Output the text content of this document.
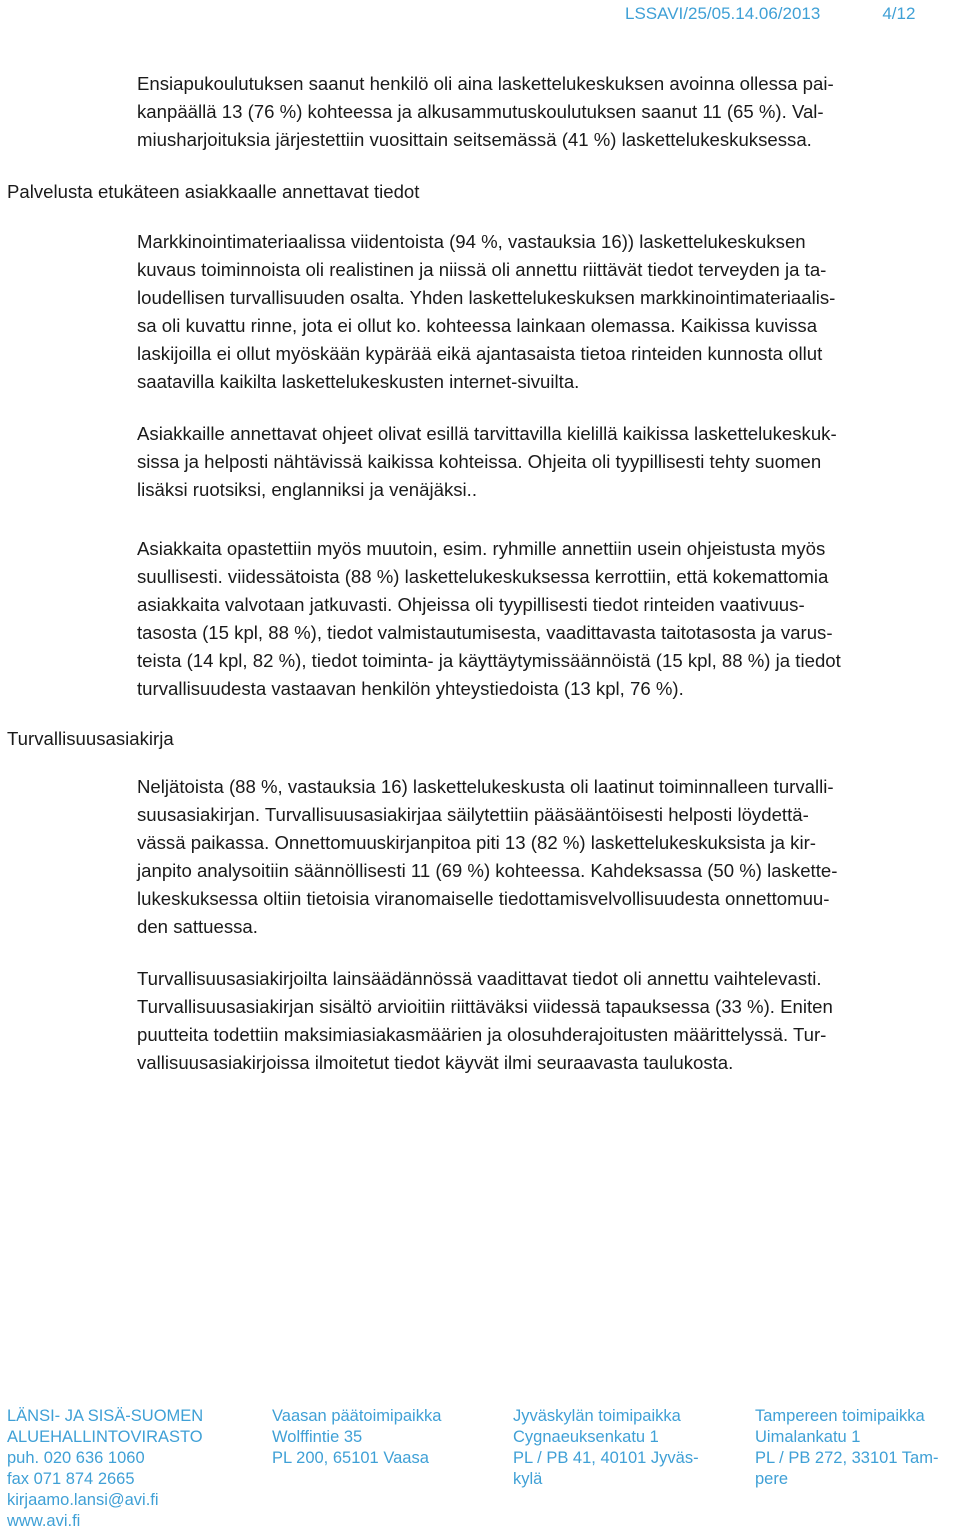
LSSAVI/25/05.14.06/2013	4/12
Ensiapukoulutuksen saanut henkilö oli aina laskettelukeskuksen avoinna ollessa pai-
kanpäällä 13 (76 %) kohteessa ja alkusammutuskoulutuksen saanut 11 (65 %). Val-
miusharjoituksia järjestettiin vuosittain seitsemässä (41 %) laskettelukeskuksessa.
Palvelusta etukäteen asiakkaalle annettavat tiedot
Markkinointimateriaalissa viidentoista (94 %, vastauksia 16)) laskettelukeskuksen
kuvaus toiminnoista oli realistinen ja niissä oli annettu riittävät tiedot terveyden ja ta-
loudellisen turvallisuuden osalta. Yhden laskettelukeskuksen markkinointimateriaalis-
sa oli kuvattu rinne, jota ei ollut ko. kohteessa lainkaan olemassa. Kaikissa kuvissa
laskijoilla ei ollut myöskään kypärää eikä ajantasaista tietoa rinteiden kunnosta ollut
saatavilla kaikilta laskettelukeskusten internet-sivuilta.
Asiakkaille annettavat ohjeet olivat esillä tarvittavilla kielillä kaikissa laskettelukeskuk-
sissa ja helposti nähtävissä kaikissa kohteissa. Ohjeita oli tyypillisesti tehty suomen
lisäksi ruotsiksi, englanniksi ja venäjäksi..
Asiakkaita opastettiin myös muutoin, esim. ryhmille annettiin usein ohjeistusta myös
suullisesti. viidessätoista (88 %) laskettelukeskuksessa kerrottiin, että kokemattomia
asiakkaita valvotaan jatkuvasti. Ohjeissa oli tyypillisesti tiedot rinteiden vaativuus-
tasosta (15 kpl, 88 %), tiedot valmistautumisesta, vaadittavasta taitotasosta ja varus-
teista (14 kpl, 82 %), tiedot toiminta- ja käyttäytymissäännöistä (15 kpl, 88 %) ja tiedot
turvallisuudesta vastaavan henkilön yhteystiedoista (13 kpl, 76 %).
Turvallisuusasiakirja
Neljätoista (88 %, vastauksia 16) laskettelukeskusta oli laatinut toiminnalleen turvalli-
suusasiakirjan. Turvallisuusasiakirjaa säilytettiin pääsääntöisesti helposti löydettä-
vässä paikassa. Onnettomuuskirjanpitoa piti 13 (82 %) laskettelukeskuksista ja kir-
janpito analysoitiin säännöllisesti 11 (69 %) kohteessa. Kahdeksassa (50 %) laskette-
lukeskuksessa oltiin tietoisia viranomaiselle tiedottamisvelvollisuudesta onnettomuu-
den sattuessa.
Turvallisuusasiakirjoilta lainsäädännössä vaadittavat tiedot oli annettu vaihtelevasti.
Turvallisuusasiakirjan sisältö arvioitiin riittäväksi viidessä tapauksessa (33 %). Eniten
puutteita todettiin maksimiasiakasmäärien ja olosuhderajoitusten määrittelyssä. Tur-
vallisuusasiakirjoissa ilmoitetut tiedot käyvät ilmi seuraavasta taulukosta.
LÄNSI- JA SISÄ-SUOMEN
ALUEHALLINTOVIRASTO
puh. 020 636 1060
fax 071 874 2665
kirjaamo.lansi@avi.fi
www.avi.fi
Vaasan päätoimipaikka
Wolffintie 35
PL 200, 65101 Vaasa
Jyväskylän toimipaikka
Cygnaeuksenkatu 1
PL / PB 41, 40101 Jyväs-
kylä
Tampereen toimipaikka
Uimalankatu 1
PL / PB 272, 33101 Tam-
pere
